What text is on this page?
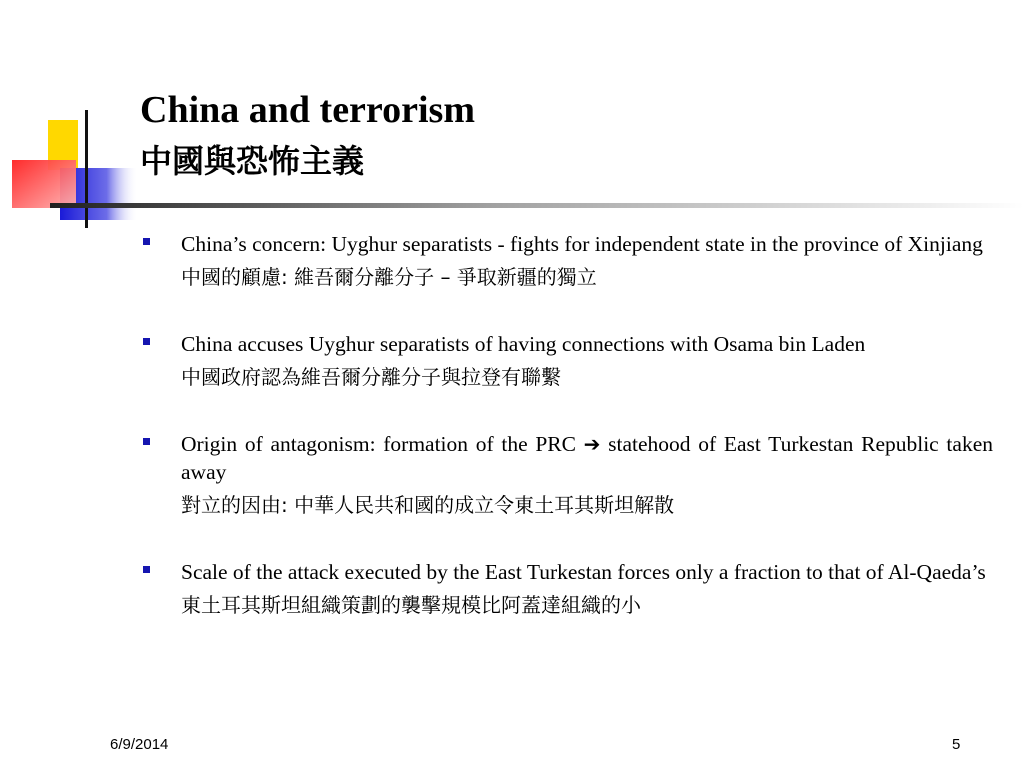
China and terrorism
中國與恐怖主義

China’s concern: Uyghur separatists - fights for independent state in the province of Xinjiang

中國的顧慮: 維吾爾分離分子 – 爭取新疆的獨立

China accuses Uyghur separatists of having connections with Osama bin Laden

中國政府認為維吾爾分離分子與拉登有聯繫

Origin of antagonism: formation of the PRC ➔ statehood of East Turkestan Republic taken away

對立的因由: 中華人民共和國的成立令東土耳其斯坦解散

Scale of the attack executed by the East Turkestan forces only a fraction to that of Al-Qaeda’s

東土耳其斯坦組織策劃的襲擊規模比阿蓋達組織的小

6/9/2014	5
